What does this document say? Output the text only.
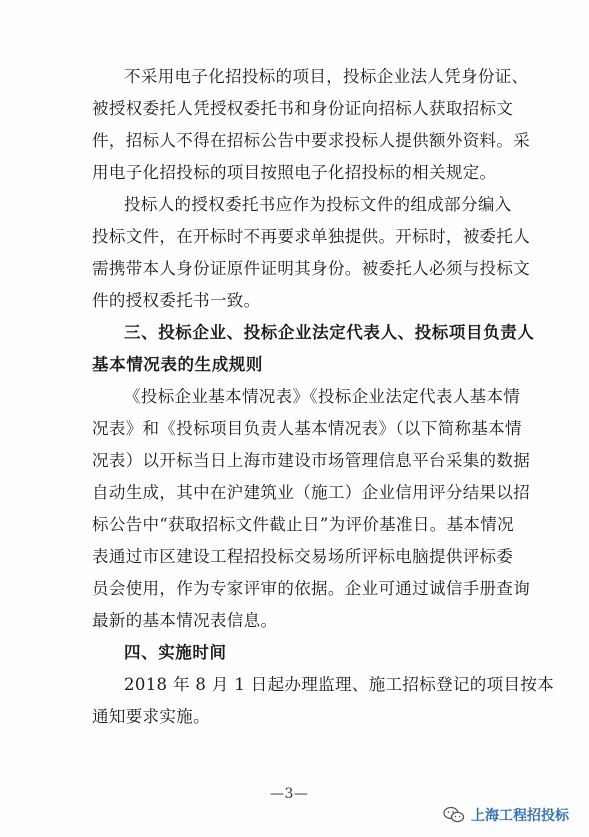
不采用电子化招投标的项目，投标企业法人凭身份证、
被授权委托人凭授权委托书和身份证向招标人获取招标文
件，招标人不得在招标公告中要求投标人提供额外资料。采
用电子化招投标的项目按照电子化招投标的相关规定。
投标人的授权委托书应作为投标文件的组成部分编入
投标文件，在开标时不再要求单独提供。开标时，被委托人
需携带本人身份证原件证明其身份。被委托人必须与投标文
件的授权委托书一致。
三、投标企业、投标企业法定代表人、投标项目负责人
基本情况表的生成规则
《投标企业基本情况表》《投标企业法定代表人基本情
况表》和《投标项目负责人基本情况表》（以下简称基本情
况表）以开标当日上海市建设市场管理信息平台采集的数据
自动生成，其中在沪建筑业（施工）企业信用评分结果以招
标公告中“获取招标文件截止日”为评价基准日。基本情况
表通过市区建设工程招投标交易场所评标电脑提供评标委
员会使用，作为专家评审的依据。企业可通过诚信手册查询
最新的基本情况表信息。
四、实施时间
2018 年 8 月 1 日起办理监理、施工招标登记的项目按本
通知要求实施。
—3—
上海工程招投标
